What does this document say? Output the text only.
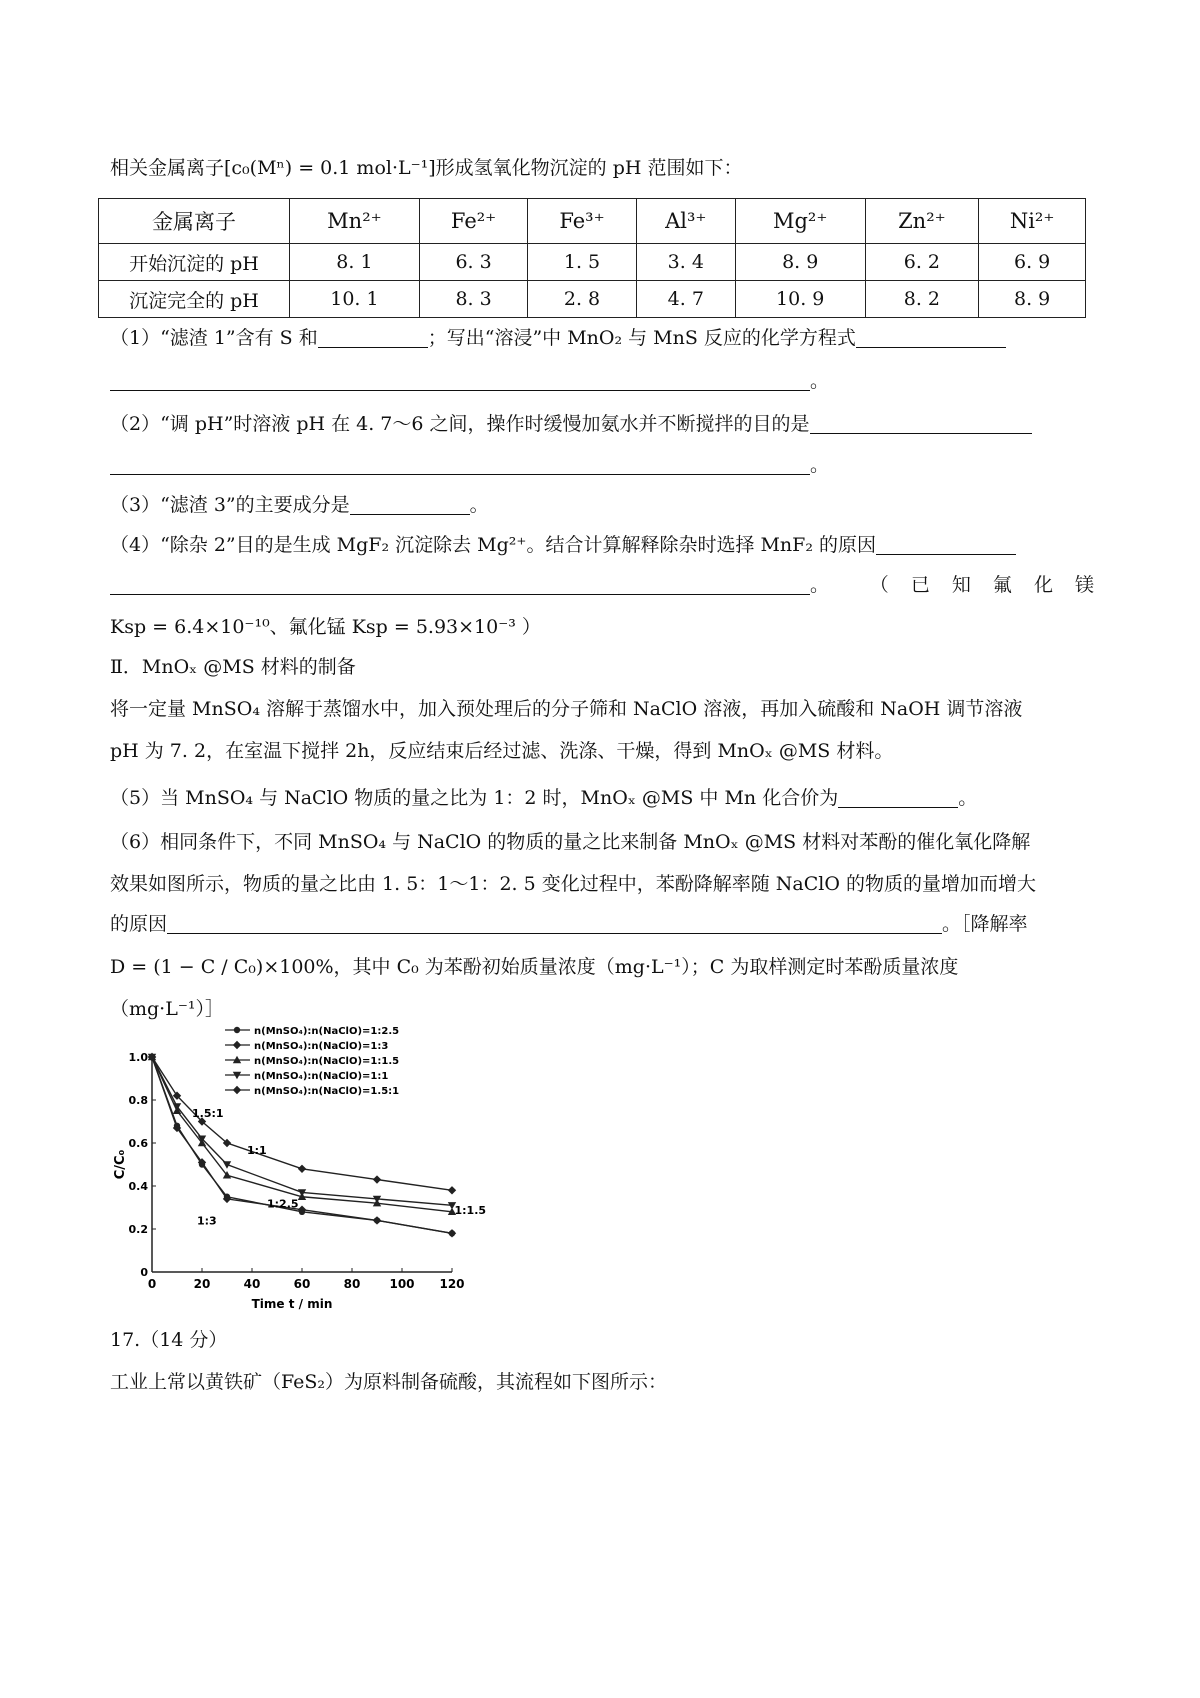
相关金属离子[c₀(Mⁿ) = 0.1 mol·L⁻¹]形成氢氧化物沉淀的 pH 范围如下：
金属离子	Mn²⁺	Fe²⁺	Fe³⁺	Al³⁺	Mg²⁺	Zn²⁺	Ni²⁺
开始沉淀的 pH	8. 1	6. 3	1. 5	3. 4	8. 9	6. 2	6. 9
沉淀完全的 pH	10. 1	8. 3	2. 8	4. 7	10. 9	8. 2	8. 9
（1）“滤渣 1”含有 S 和	；写出“溶浸”中 MnO₂ 与 MnS 反应的化学方程式
。
（2）“调 pH”时溶液 pH 在 4. 7～6 之间，操作时缓慢加氨水并不断搅拌的目的是
。
（3）“滤渣 3”的主要成分是	。
（4）“除杂 2”目的是生成 MgF₂ 沉淀除去 Mg²⁺。结合计算解释除杂时选择 MnF₂ 的原因
。 （ 已 知 氟 化 镁
Ksp = 6.4×10⁻¹⁰、氟化锰 Ksp = 5.93×10⁻³ ）
Ⅱ．MnOₓ @MS 材料的制备
将一定量 MnSO₄ 溶解于蒸馏水中，加入预处理后的分子筛和 NaClO 溶液，再加入硫酸和 NaOH 调节溶液
pH 为 7. 2，在室温下搅拌 2h，反应结束后经过滤、洗涤、干燥，得到 MnOₓ @MS 材料。
（5）当 MnSO₄ 与 NaClO 物质的量之比为 1：2 时，MnOₓ @MS 中 Mn 化合价为	。
（6）相同条件下，不同 MnSO₄ 与 NaClO 的物质的量之比来制备 MnOₓ @MS 材料对苯酚的催化氧化降解
效果如图所示，物质的量之比由 1. 5：1～1：2. 5 变化过程中，苯酚降解率随 NaClO 的物质的量增加而增大
的原因	。［降解率
D = (1 − C / C₀)×100%，其中 C₀ 为苯酚初始质量浓度（mg·L⁻¹）；C 为取样测定时苯酚质量浓度
（mg·L⁻¹）］
0	20	40	60	80 100 120
0
0.2
0.4
0.6
0.8
1.0
Time t / min
C/C₀
n(MnSO₄):n(NaClO)=1:2.5
n(MnSO₄):n(NaClO)=1:3
n(MnSO₄):n(NaClO)=1:1.5
n(MnSO₄):n(NaClO)=1:1
n(MnSO₄):n(NaClO)=1.5:1
1.5:1
1:1
1:3
1:2.5	1:1.5
17.（14 分）
工业上常以黄铁矿（FeS₂）为原料制备硫酸，其流程如下图所示：
